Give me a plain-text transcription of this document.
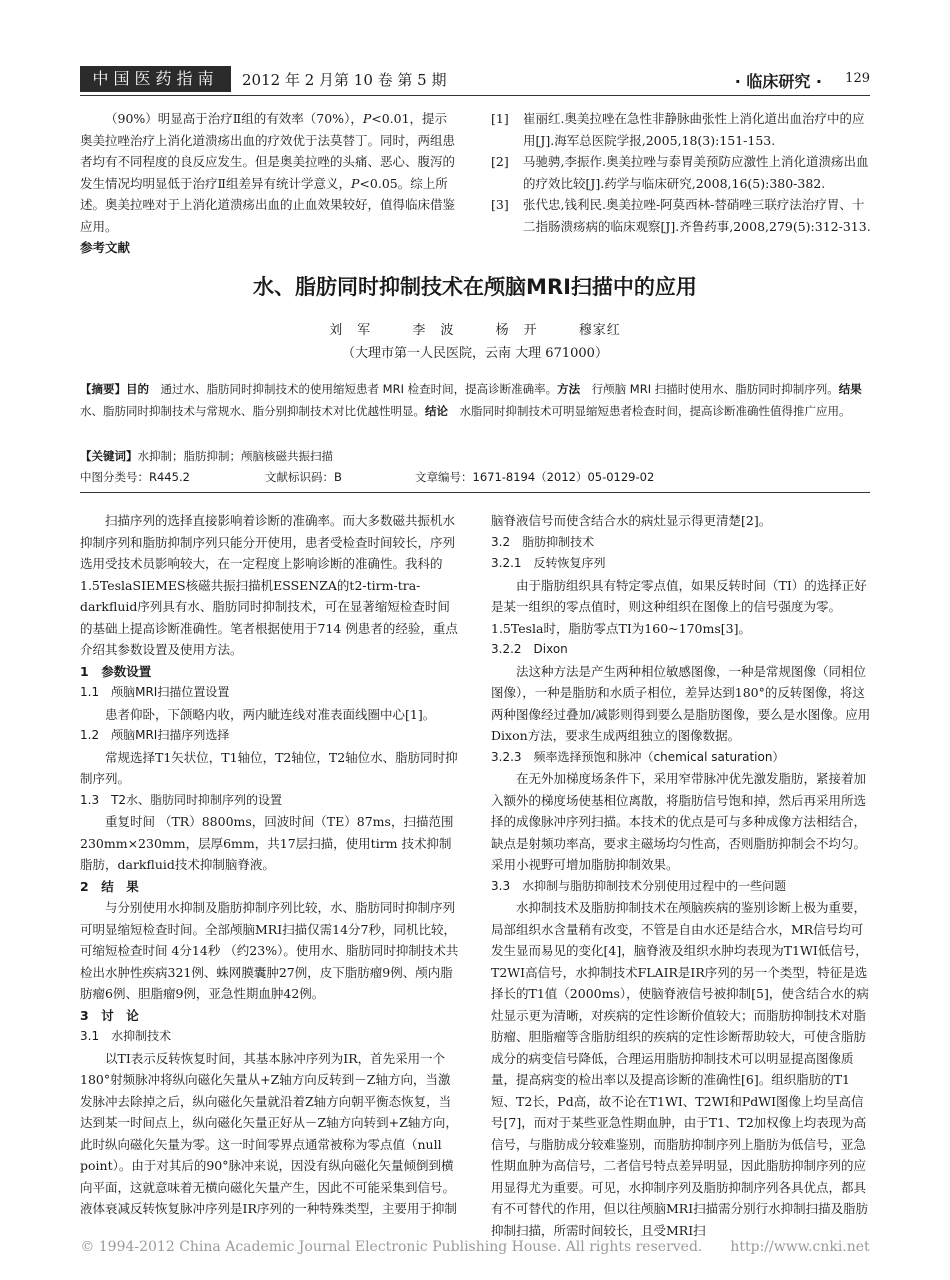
中国医药指南	2012 年 2 月第 10 卷 第 5 期	· 临床研究 · 129

（90%）明显高于治疗Ⅱ组的有效率（70%），P<0.01，提示奥美拉唑治疗上消化道溃疡出血的疗效优于法莫替丁。同时，两组患者均有不同程度的良反应发生。但是奥美拉唑的头痛、恶心、腹泻的发生情况均明显低于治疗Ⅱ组差异有统计学意义，P<0.05。综上所述。奥美拉唑对于上消化道溃疡出血的止血效果较好，值得临床借鉴应用。

参考文献

[1]	崔丽红.奥美拉唑在急性非静脉曲张性上消化道出血治疗中的应用[J].海军总医院学报,2005,18(3):151-153.
[2]	马驰骋,李振作.奥美拉唑与泰胃美预防应激性上消化道溃疡出血的疗效比较[J].药学与临床研究,2008,16(5):380-382.
[3]	张代忠,钱利民.奥美拉唑-阿莫西林-替硝唑三联疗法治疗胃、十二指肠溃疡病的临床观察[J].齐鲁药事,2008,279(5):312-313.
水、脂肪同时抑制技术在颅脑MRI扫描中的应用
刘　军	李　波	杨　开	穆家红
（大理市第一人民医院，云南 大理 671000）
【摘要】目的　 通过水、脂肪同时抑制技术的使用缩短患者 MRI 检查时间，提高诊断准确率。方法　 行颅脑 MRI 扫描时使用水、脂肪同时抑制序列。结果　水、脂肪同时抑制技术与常规水、脂分别抑制技术对比优越性明显。结论　 水脂同时抑制技术可明显缩短患者检查时间，提高诊断准确性值得推广应用。
【关键词】水抑制；脂肪抑制；颅脑核磁共振扫描
中图分类号：R445.2	文献标识码：B	文章编号：1671-8194（2012）05-0129-02

扫描序列的选择直接影响着诊断的准确率。而大多数磁共振机水抑制序列和脂肪抑制序列只能分开使用，患者受检查时间较长，序列选用受技术员影响较大，在一定程度上影响诊断的准确性。我科的1.5TeslaSIEMES核磁共振扫描机ESSENZA的t2-tirm-tra-darkfluid序列具有水、脂肪同时抑制技术，可在显著缩短检查时间的基础上提高诊断准确性。笔者根据使用于714 例患者的经验，重点介绍其参数设置及使用方法。

1　参数设置

1.1　颅脑MRI扫描位置设置

患者仰卧，下颌略内收，两内眦连线对准表面线圈中心[1]。

1.2　颅脑MRI扫描序列选择

常规选择T1矢状位，T1轴位，T2轴位，T2轴位水、脂肪同时抑制序列。

1.3　T2水、脂肪同时抑制序列的设置

重复时间 （TR）8800ms，回波时间（TE）87ms，扫描范围230mm×230mm，层厚6mm，共17层扫描，使用tirm 技术抑制脂肪，darkfluid技术抑制脑脊液。

2　结　果

与分别使用水抑制及脂肪抑制序列比较，水、脂肪同时抑制序列可明显缩短检查时间。全部颅脑MRI扫描仅需14分7秒，同机比较，可缩短检查时间 4分14秒 （约23%）。使用水、脂肪同时抑制技术共检出水肿性疾病321例、蛛网膜囊肿27例，皮下脂肪瘤9例、颅内脂肪瘤6例、胆脂瘤9例，亚急性期血肿42例。

3　讨　论

3.1　水抑制技术

以TI表示反转恢复时间，其基本脉冲序列为IR，首先采用一个180°射频脉冲将纵向磁化矢量从+Z轴方向反转到－Z轴方向，当激发脉冲去除掉之后，纵向磁化矢量就沿着Z轴方向朝平衡态恢复，当达到某一时间点上，纵向磁化矢量正好从－Z轴方向转到+Z轴方向，此时纵向磁化矢量为零。这一时间零界点通常被称为零点值（null point）。由于对其后的90°脉冲来说，因没有纵向磁化矢量倾倒到横向平面，这就意味着无横向磁化矢量产生，因此不可能采集到信号。液体衰减反转恢复脉冲序列是IR序列的一种特殊类型，主要用于抑制

脑脊液信号而使含结合水的病灶显示得更清楚[2]。

3.2　脂肪抑制技术

3.2.1　反转恢复序列

由于脂肪组织具有特定零点值，如果反转时间（TI）的选择正好是某一组织的零点值时，则这种组织在图像上的信号强度为零。1.5Tesla时，脂肪零点TI为160~170ms[3]。

3.2.2　Dixon

法这种方法是产生两种相位敏感图像，一种是常规图像（同相位图像），一种是脂肪和水质子相位，差异达到180°的反转图像，将这两种图像经过叠加/减影则得到要么是脂肪图像，要么是水图像。应用Dixon方法，要求生成两组独立的图像数据。

3.2.3　频率选择预饱和脉冲（chemical saturation）

在无外加梯度场条件下，采用窄带脉冲优先激发脂肪，紧接着加入额外的梯度场使基相位离散，将脂肪信号饱和掉，然后再采用所选择的成像脉冲序列扫描。本技术的优点是可与多种成像方法相结合，缺点是射频功率高，要求主磁场均匀性高，否则脂肪抑制会不均匀。采用小视野可增加脂肪抑制效果。

3.3　水抑制与脂肪抑制技术分别使用过程中的一些问题

水抑制技术及脂肪抑制技术在颅脑疾病的鉴别诊断上极为重要，局部组织水含量稍有改变，不管是自由水还是结合水，MR信号均可发生显而易见的变化[4]，脑脊液及组织水肿均表现为T1WI低信号，T2WI高信号，水抑制技术FLAIR是IR序列的另一个类型，特征是选择长的T1值（2000ms），使脑脊液信号被抑制[5]，使含结合水的病灶显示更为清晰，对疾病的定性诊断价值较大；而脂肪抑制技术对脂肪瘤、胆脂瘤等含脂肪组织的疾病的定性诊断帮助较大，可使含脂肪成分的病变信号降低，合理运用脂肪抑制技术可以明显提高图像质量，提高病变的检出率以及提高诊断的准确性[6]。组织脂肪的T1短、T2长，Pd高，故不论在T1WI、T2WI和PdWI图像上均呈高信号[7]，而对于某些亚急性期血肿，由于T1、T2加权像上均表现为高信号，与脂肪成分较难鉴别，而脂肪抑制序列上脂肪为低信号，亚急性期血肿为高信号，二者信号特点差异明显，因此脂肪抑制序列的应用显得尤为重要。可见，水抑制序列及脂肪抑制序列各具优点，都具有不可替代的作用，但以往颅脑MRI扫描需分别行水抑制扫描及脂肪抑制扫描，所需时间较长，且受MRI扫

© 1994-2012 China Academic Journal Electronic Publishing House. All rights reserved.　　http://www.cnki.net
